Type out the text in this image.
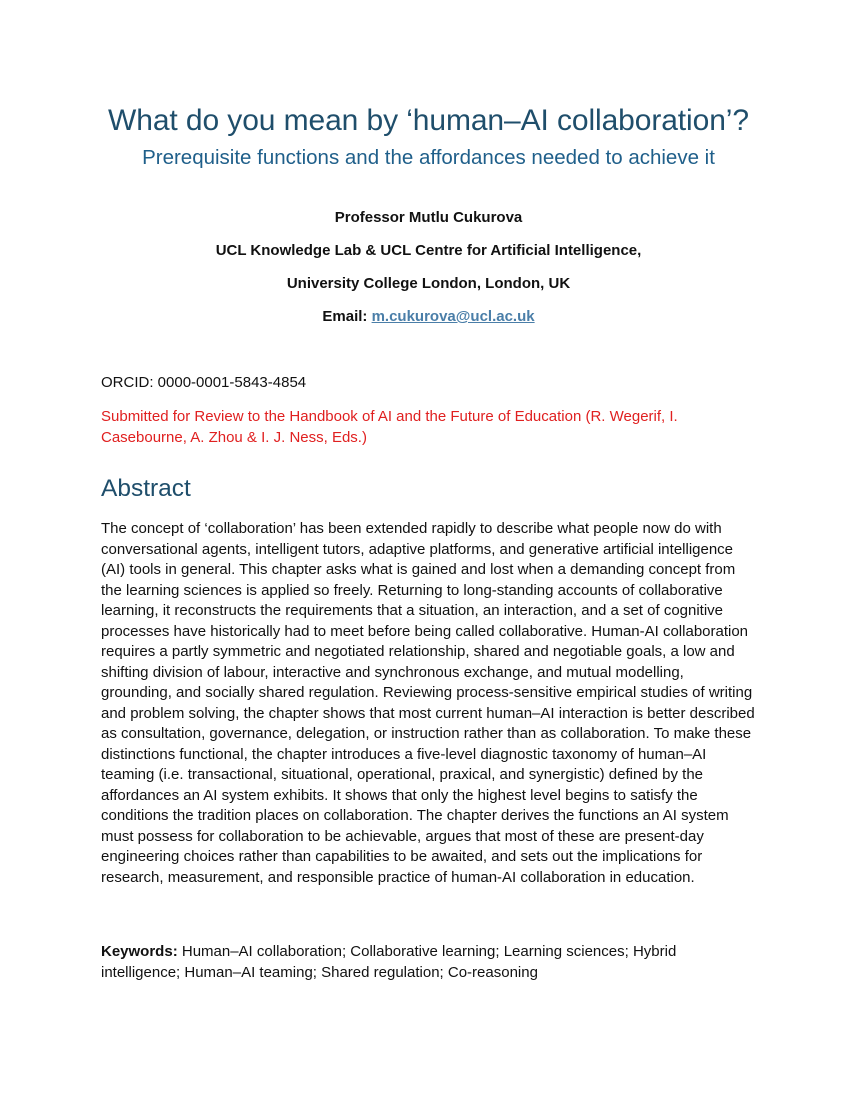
What do you mean by ‘human–AI collaboration’?
Prerequisite functions and the affordances needed to achieve it
Professor Mutlu Cukurova
UCL Knowledge Lab & UCL Centre for Artificial Intelligence,
University College London, London, UK
Email: m.cukurova@ucl.ac.uk

ORCID: 0000-0001-5843-4854

Submitted for Review to the Handbook of AI and the Future of Education (R. Wegerif, I. Casebourne, A. Zhou & I. J. Ness, Eds.)

Abstract

The concept of ‘collaboration’ has been extended rapidly to describe what people now do with conversational agents, intelligent tutors, adaptive platforms, and generative artificial intelligence (AI) tools in general. This chapter asks what is gained and lost when a demanding concept from the learning sciences is applied so freely. Returning to long-standing accounts of collaborative learning, it reconstructs the requirements that a situation, an interaction, and a set of cognitive processes have historically had to meet before being called collaborative. Human-AI collaboration requires a partly symmetric and negotiated relationship, shared and negotiable goals, a low and shifting division of labour, interactive and synchronous exchange, and mutual modelling, grounding, and socially shared regulation. Reviewing process-sensitive empirical studies of writing and problem solving, the chapter shows that most current human–AI interaction is better described as consultation, governance, delegation, or instruction rather than as collaboration. To make these distinctions functional, the chapter introduces a five-level diagnostic taxonomy of human–AI teaming (i.e. transactional, situational, operational, praxical, and synergistic) defined by the affordances an AI system exhibits. It shows that only the highest level begins to satisfy the conditions the tradition places on collaboration. The chapter derives the functions an AI system must possess for collaboration to be achievable, argues that most of these are present-day engineering choices rather than capabilities to be awaited, and sets out the implications for research, measurement, and responsible practice of human-AI collaboration in education.

Keywords: Human–AI collaboration; Collaborative learning; Learning sciences; Hybrid intelligence; Human–AI teaming; Shared regulation; Co-reasoning
